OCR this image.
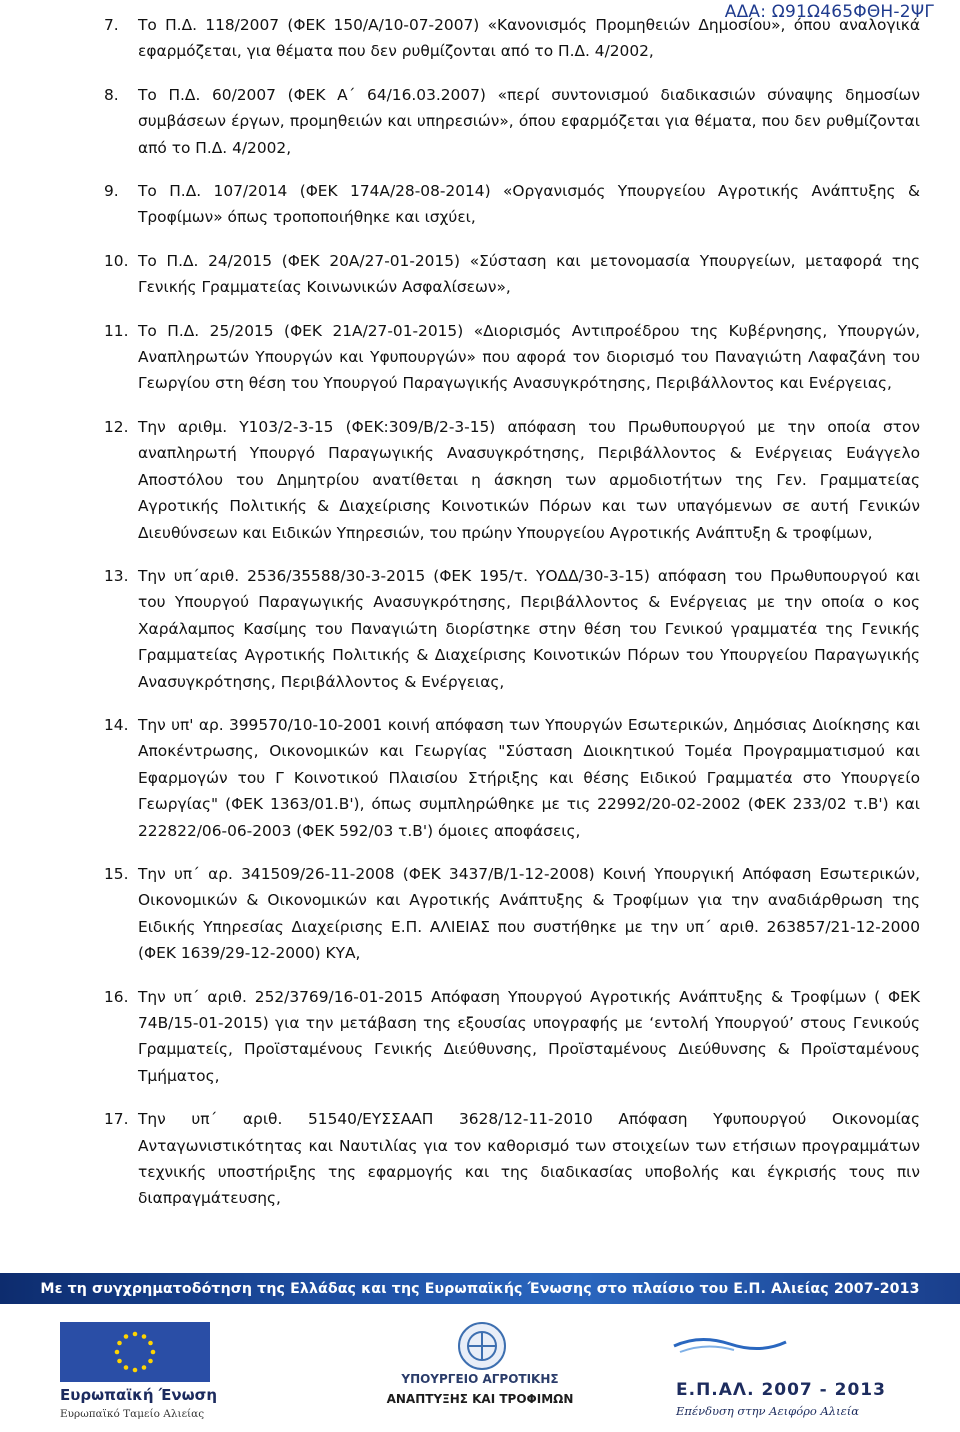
ΑΔΑ: Ω91Ω465ΦΘΗ-2ΨΓ
7.	Το Π.Δ. 118/2007 (ΦΕΚ 150/Α/10-07-2007) «Κανονισμός Προμηθειών Δημοσίου», όπου αναλογικά εφαρμόζεται, για θέματα που δεν ρυθμίζονται από το Π.Δ. 4/2002,
8.	Το Π.Δ. 60/2007 (ΦΕΚ Α΄ 64/16.03.2007) «περί συντονισμού διαδικασιών σύναψης δημοσίων συμβάσεων έργων, προμηθειών και υπηρεσιών», όπου εφαρμόζεται για θέματα, που δεν ρυθμίζονται από το Π.Δ. 4/2002,
9.	Το Π.Δ. 107/2014 (ΦΕΚ 174Α/28-08-2014) «Οργανισμός Υπουργείου Αγροτικής Ανάπτυξης & Τροφίμων» όπως τροποποιήθηκε και ισχύει,
10. Το Π.Δ. 24/2015 (ΦΕΚ 20Α/27-01-2015) «Σύσταση και μετονομασία Υπουργείων, μεταφορά της Γενικής Γραμματείας Κοινωνικών Ασφαλίσεων»,
11. Το Π.Δ. 25/2015 (ΦΕΚ 21Α/27-01-2015) «Διορισμός Αντιπροέδρου της Κυβέρνησης, Υπουργών, Αναπληρωτών Υπουργών και Υφυπουργών» που αφορά τον διορισμό του Παναγιώτη Λαφαζάνη του Γεωργίου στη θέση του Υπουργού Παραγωγικής Ανασυγκρότησης, Περιβάλλοντος και Ενέργειας,
12. Την αριθμ. Υ103/2-3-15 (ΦΕΚ:309/Β/2-3-15) απόφαση του Πρωθυπουργού με την οποία στον αναπληρωτή Υπουργό Παραγωγικής Ανασυγκρότησης, Περιβάλλοντος & Ενέργειας Ευάγγελο Αποστόλου του Δημητρίου ανατίθεται η άσκηση των αρμοδιοτήτων της Γεν. Γραμματείας Αγροτικής Πολιτικής & Διαχείρισης Κοινοτικών Πόρων και των υπαγόμενων σε αυτή Γενικών Διευθύνσεων και Ειδικών Υπηρεσιών, του πρώην Υπουργείου Αγροτικής Ανάπτυξη & τροφίμων,
13. Την υπ΄αριθ. 2536/35588/30-3-2015 (ΦΕΚ 195/τ. ΥΟΔΔ/30-3-15) απόφαση του Πρωθυπουργού και του Υπουργού Παραγωγικής Ανασυγκρότησης, Περιβάλλοντος & Ενέργειας με την οποία ο κος Χαράλαμπος Κασίμης του Παναγιώτη διορίστηκε στην θέση του Γενικού γραμματέα της Γενικής Γραμματείας Αγροτικής Πολιτικής & Διαχείρισης Κοινοτικών Πόρων του Υπουργείου Παραγωγικής Ανασυγκρότησης, Περιβάλλοντος & Ενέργειας,
14. Την υπ' αρ. 399570/10-10-2001 κοινή απόφαση των Υπουργών Εσωτερικών, Δημόσιας Διοίκησης και Αποκέντρωσης, Οικονομικών και Γεωργίας "Σύσταση Διοικητικού Τομέα Προγραμματισμού και Εφαρμογών του Γ Κοινοτικού Πλαισίου Στήριξης και θέσης Ειδικού Γραμματέα στο Υπουργείο Γεωργίας" (ΦΕΚ 1363/01.Β'), όπως συμπληρώθηκε με τις 22992/20-02-2002 (ΦΕΚ 233/02 τ.Β') και 222822/06-06-2003 (ΦΕΚ 592/03 τ.Β') όμοιες αποφάσεις,
15. Την υπ΄ αρ. 341509/26-11-2008 (ΦΕΚ 3437/Β/1-12-2008) Κοινή Υπουργική Απόφαση Εσωτερικών, Οικονομικών & Οικονομικών και Αγροτικής Ανάπτυξης & Τροφίμων για την αναδιάρθρωση της Ειδικής Υπηρεσίας Διαχείρισης Ε.Π. ΑΛΙΕΙΑΣ που συστήθηκε με την υπ΄ αριθ. 263857/21-12-2000 (ΦΕΚ 1639/29-12-2000) ΚΥΑ,
16. Την υπ΄ αριθ. 252/3769/16-01-2015 Απόφαση Υπουργού Αγροτικής Ανάπτυξης & Τροφίμων ( ΦΕΚ 74Β/15-01-2015) για την μετάβαση της εξουσίας υπογραφής με ‘εντολή Υπουργού’ στους Γενικούς Γραμματείς, Προϊσταμένους Γενικής Διεύθυνσης, Προϊσταμένους Διεύθυνσης & Προϊσταμένους Τμήματος,
17. Την υπ΄ αριθ. 51540/ΕΥΣΣΑΑΠ 3628/12-11-2010 Απόφαση Υφυπουργού Οικονομίας Ανταγωνιστικότητας και Ναυτιλίας για τον καθορισμό των στοιχείων των ετήσιων προγραμμάτων τεχνικής υποστήριξης της εφαρμογής και της διαδικασίας υποβολής και έγκρισής τους πιν διαπραγμάτευσης,
Με τη συγχρηματοδότηση της Ελλάδας και της Ευρωπαϊκής Ένωσης στο πλαίσιο του Ε.Π. Αλιείας 2007-2013
Ευρωπαϊκή Ένωση
Ευρωπαϊκό Ταμείο Αλιείας
ΥΠΟΥΡΓΕΙΟ ΑΓΡΟΤΙΚΗΣ
ΑΝΑΠΤΥΞΗΣ ΚΑΙ ΤΡΟΦΙΜΩΝ	Ε.Π.ΑΛ. 2007 - 2013
Επένδυση στην Αειφόρο Αλιεία
